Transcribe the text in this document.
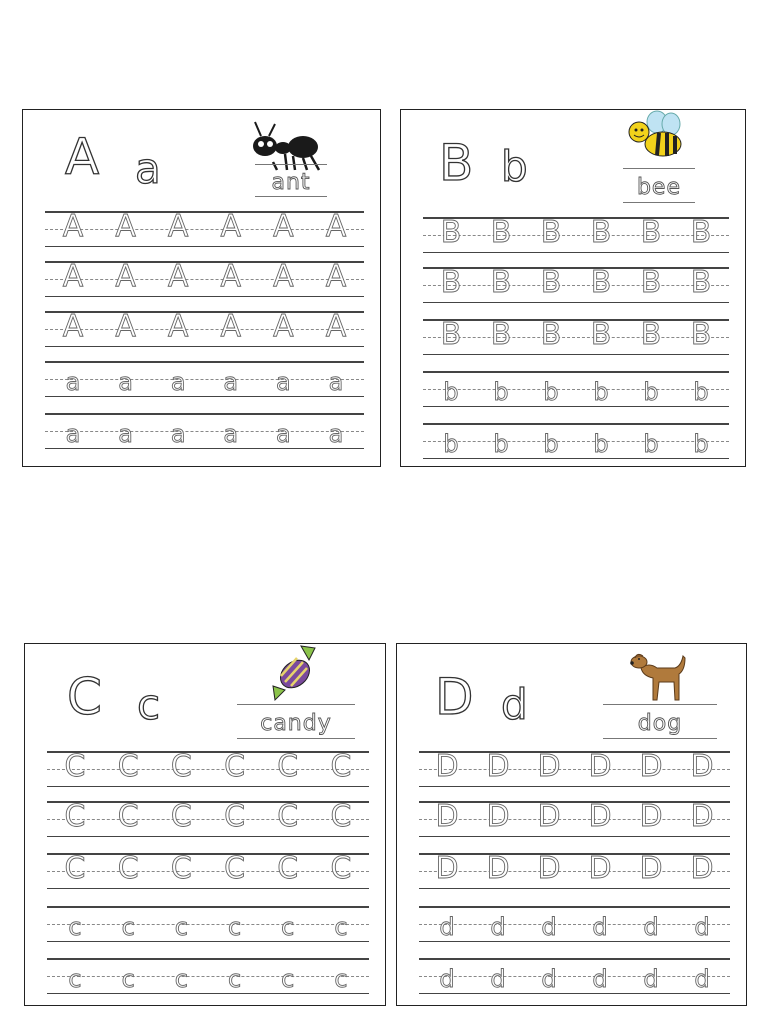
A a	ant
A	A	A	A	A	A
A	A	A	A	A	A
A	A	A	A	A	A
a	a	a	a	a	a
a	a	a	a	a	a
B b	bee
B B B B B B
B B B B B B
B B B B B B
b	b	b	b	b	b
b	b	b	b	b	b
C c	candy
C	C	C	C	C	C
C	C	C	C	C	C
C	C	C	C	C	C
c	c	c	c	c	c
c	c	c	c	c	c
D d	dog
D D D D D D
D D D D D D
D D D D D D
d	d	d	d	d	d
d	d	d	d	d	d
